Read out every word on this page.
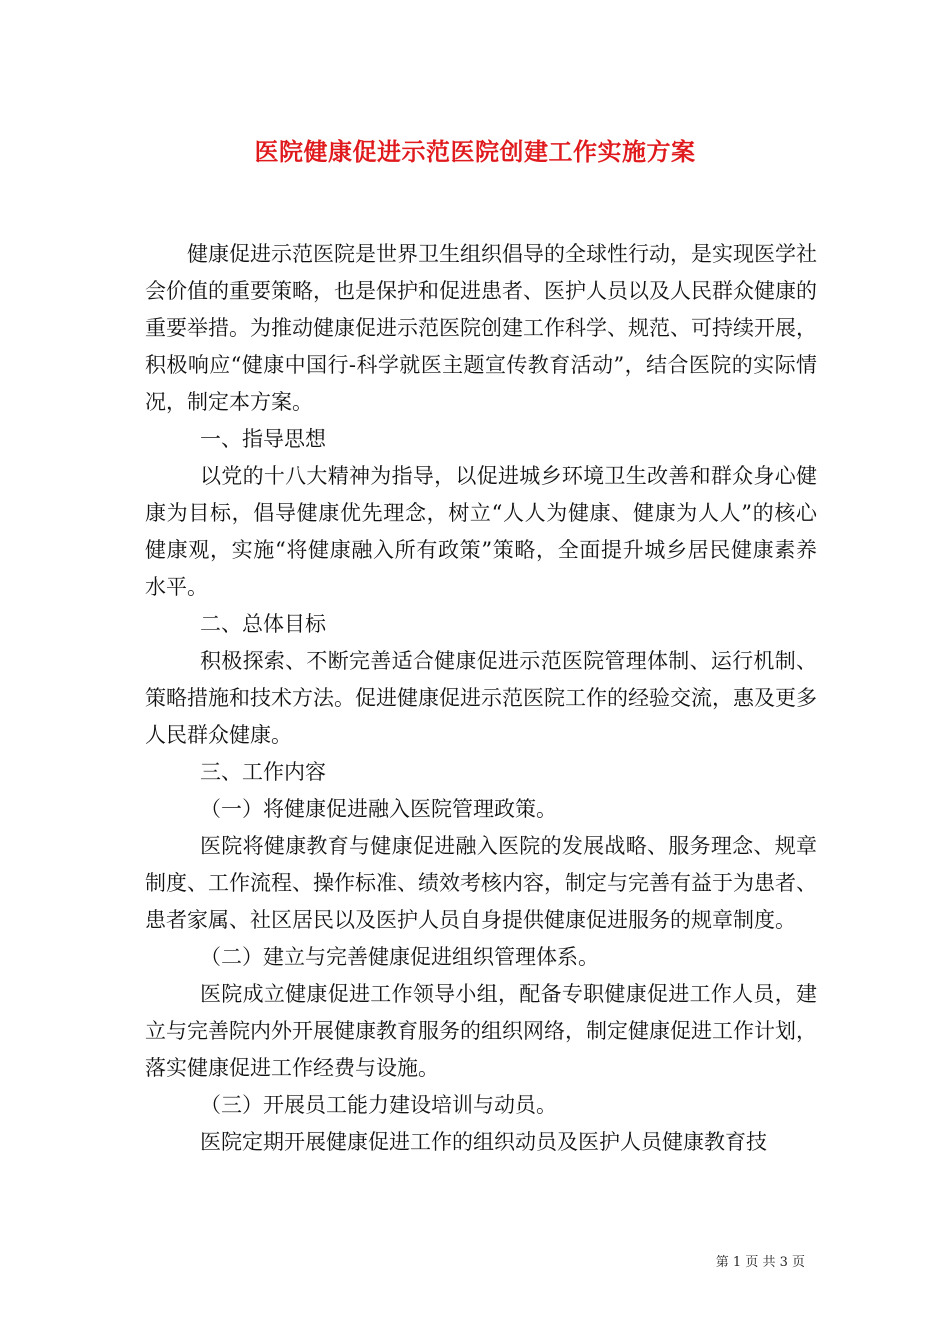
医院健康促进示范医院创建工作实施方案

健康促进示范医院是世界卫生组织倡导的全球性行动，是实现医学社会价值的重要策略，也是保护和促进患者、医护人员以及人民群众健康的重要举措。为推动健康促进示范医院创建工作科学、规范、可持续开展，积极响应“健康中国行-科学就医主题宣传教育活动”，结合医院的实际情况，制定本方案。

一、指导思想

以党的十八大精神为指导，以促进城乡环境卫生改善和群众身心健康为目标，倡导健康优先理念，树立“人人为健康、健康为人人”的核心健康观，实施“将健康融入所有政策”策略，全面提升城乡居民健康素养水平。

二、总体目标

积极探索、不断完善适合健康促进示范医院管理体制、运行机制、策略措施和技术方法。促进健康促进示范医院工作的经验交流，惠及更多人民群众健康。

三、工作内容

（一）将健康促进融入医院管理政策。

医院将健康教育与健康促进融入医院的发展战略、服务理念、规章制度、工作流程、操作标准、绩效考核内容，制定与完善有益于为患者、患者家属、社区居民以及医护人员自身提供健康促进服务的规章制度。

（二）建立与完善健康促进组织管理体系。

医院成立健康促进工作领导小组，配备专职健康促进工作人员，建立与完善院内外开展健康教育服务的组织网络，制定健康促进工作计划，落实健康促进工作经费与设施。

（三）开展员工能力建设培训与动员。

医院定期开展健康促进工作的组织动员及医护人员健康教育技

第 1 页 共 3 页
